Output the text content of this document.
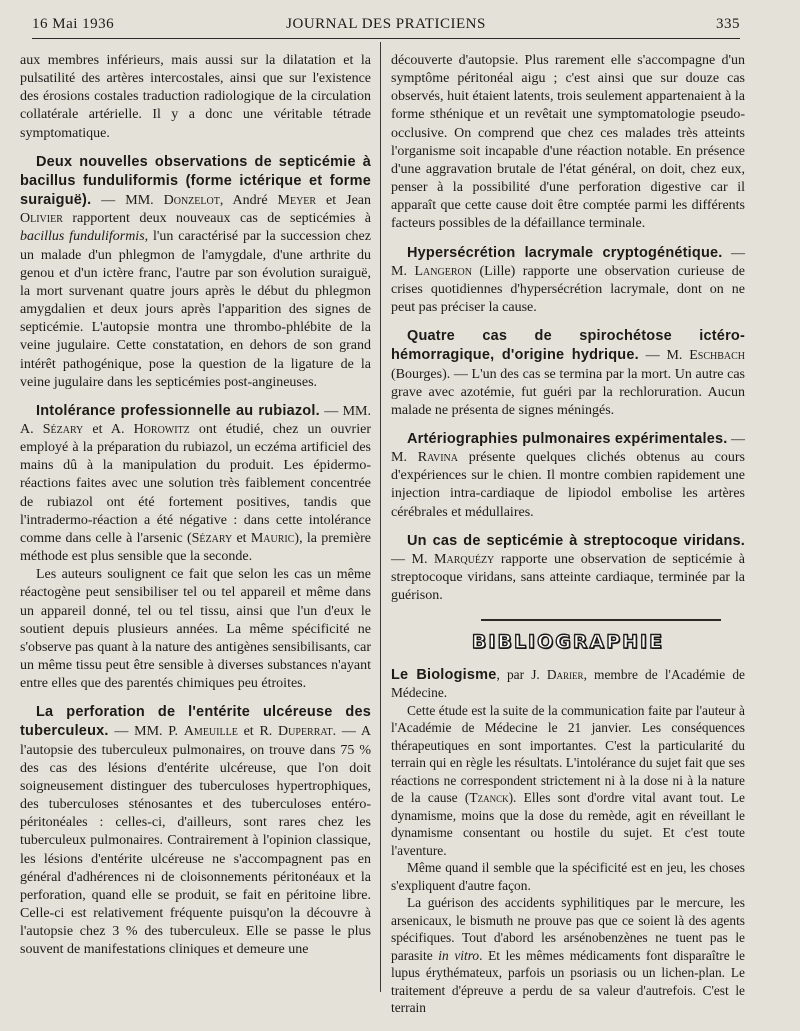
16 Mai 1936	JOURNAL DES PRATICIENS	335

aux membres inférieurs, mais aussi sur la dilatation et la pulsatilité des artères intercostales, ainsi que sur l'existence des érosions costales traduction radiologique de la circulation collatérale artérielle. Il y a donc une véritable tétrade symptomatique.

Deux nouvelles observations de septicémie à bacillus funduliformis (forme ictérique et forme suraiguë). — MM. Donzelot, André Meyer et Jean Olivier rapportent deux nouveaux cas de septicémies à bacillus funduliformis, l'un caractérisé par la succession chez un malade d'un phlegmon de l'amygdale, d'une arthrite du genou et d'un ictère franc, l'autre par son évolution suraiguë, la mort survenant quatre jours après le début du phlegmon amygdalien et deux jours après l'apparition des signes de septicémie. L'autopsie montra une thrombo-phlébite de la veine jugulaire. Cette constatation, en dehors de son grand intérêt pathogénique, pose la question de la ligature de la veine jugulaire dans les septicémies post-angineuses.

Intolérance professionnelle au rubiazol. — MM. A. Sézary et A. Horowitz ont étudié, chez un ouvrier employé à la préparation du rubiazol, un eczéma artificiel des mains dû à la manipulation du produit. Les épidermo-réactions faites avec une solution très faiblement concentrée de rubiazol ont été fortement positives, tandis que l'intradermo-réaction a été négative : dans cette intolérance comme dans celle à l'arsenic (Sézary et Mauric), la première méthode est plus sensible que la seconde.

Les auteurs soulignent ce fait que selon les cas un même réactogène peut sensibiliser tel ou tel appareil et même dans un appareil donné, tel ou tel tissu, ainsi que l'un d'eux le soutient depuis plusieurs années. La même spécificité ne s'observe pas quant à la nature des antigènes sensibilisants, car un même tissu peut être sensible à diverses substances n'ayant entre elles que des parentés chimiques peu étroites.

La perforation de l'entérite ulcéreuse des tuberculeux. — MM. P. Ameuille et R. Duperrat. — A l'autopsie des tuberculeux pulmonaires, on trouve dans 75 % des cas des lésions d'entérite ulcéreuse, que l'on doit soigneusement distinguer des tuberculoses hypertrophiques, des tuberculoses sténosantes et des tuberculoses entéro-péritonéales : celles-ci, d'ailleurs, sont rares chez les tuberculeux pulmonaires. Contrairement à l'opinion classique, les lésions d'entérite ulcéreuse ne s'accompagnent pas en général d'adhérences ni de cloisonnements péritonéaux et la perforation, quand elle se produit, se fait en péritoine libre. Celle-ci est relativement fréquente puisqu'on la découvre à l'autopsie chez 3 % des tuberculeux. Elle se passe le plus souvent de manifestations cliniques et demeure une

découverte d'autopsie. Plus rarement elle s'accompagne d'un symptôme péritonéal aigu ; c'est ainsi que sur douze cas observés, huit étaient latents, trois seulement appartenaient à la forme sthénique et un revêtait une symptomatologie pseudo-occlusive. On comprend que chez ces malades très atteints l'organisme soit incapable d'une réaction notable. En présence d'une aggravation brutale de l'état général, on doit, chez eux, penser à la possibilité d'une perforation digestive car il apparaît que cette cause doit être comptée parmi les différents facteurs possibles de la défaillance terminale.

Hypersécrétion lacrymale cryptogénétique. — M. Langeron (Lille) rapporte une observation curieuse de crises quotidiennes d'hypersécrétion lacrymale, dont on ne peut pas préciser la cause.

Quatre cas de spirochétose ictéro-hémorragique, d'origine hydrique. — M. Eschbach (Bourges). — L'un des cas se termina par la mort. Un autre cas grave avec azotémie, fut guéri par la rechloruration. Aucun malade ne présenta de signes méningés.

Artériographies pulmonaires expérimentales. — M. Ravina présente quelques clichés obtenus au cours d'expériences sur le chien. Il montre combien rapidement une injection intra-cardiaque de lipiodol embolise les artères cérébrales et médullaires.

Un cas de septicémie à streptocoque viridans. — M. Marquézy rapporte une observation de septicémie à streptocoque viridans, sans atteinte cardiaque, terminée par la guérison.

BIBLIOGRAPHIE

Le Biologisme, par J. Darier, membre de l'Académie de Médecine.

Cette étude est la suite de la communication faite par l'auteur à l'Académie de Médecine le 21 janvier. Les conséquences thérapeutiques en sont importantes. C'est la particularité du terrain qui en règle les résultats. L'intolérance du sujet fait que ses réactions ne correspondent strictement ni à la dose ni à la nature de la cause (Tzanck). Elles sont d'ordre vital avant tout. Le dynamisme, moins que la dose du remède, agit en réveillant le dynamisme consentant ou hostile du sujet. Et c'est toute l'aventure.

Même quand il semble que la spécificité est en jeu, les choses s'expliquent d'autre façon.

La guérison des accidents syphilitiques par le mercure, les arsenicaux, le bismuth ne prouve pas que ce soient là des agents spécifiques. Tout d'abord les arsénobenzènes ne tuent pas le parasite in vitro. Et les mêmes médicaments font disparaître le lupus érythémateux, parfois un psoriasis ou un lichen-plan. Le traitement d'épreuve a perdu de sa valeur d'autrefois. C'est le terrain
